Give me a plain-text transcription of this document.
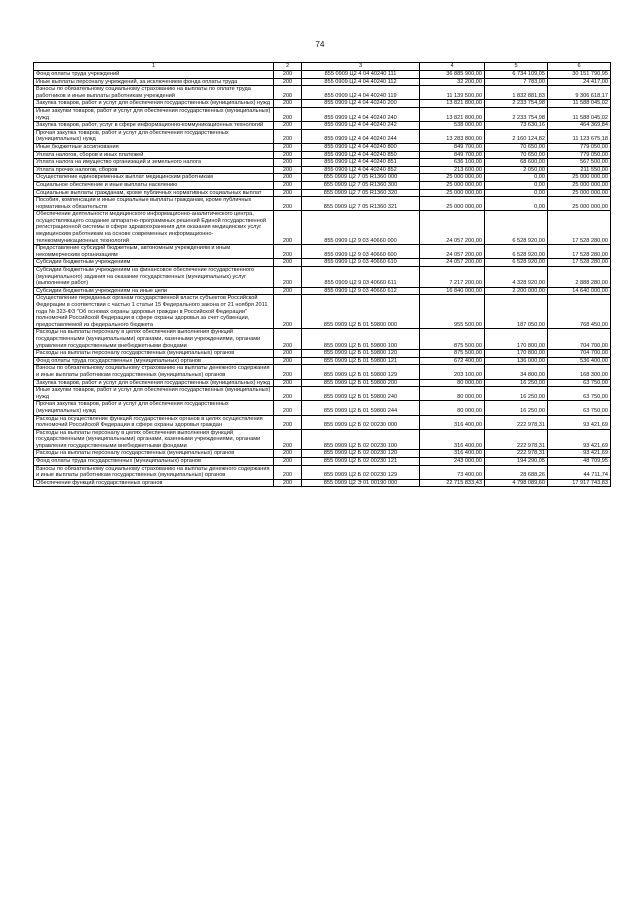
74
1	2	3	4	5	6
Фонд оплаты труда учреждений	200	855 0909 Ц2 4 04 40240 111	36 885 900,00	6 734 109,05	30 151 790,95
Иные выплаты персоналу учреждений, за исключением фонда оплаты труда	200	855 0909 Ц2 4 04 40240 112	32 200,00	7 783,00	24 417,00
Взносы по обязательному социальному страхованию на выплаты по оплате труда работников и иные выплаты работникам учреждений	200	855 0909 Ц2 4 04 40240 119	11 139 500,00	1 832 881,83	9 306 618,17
Закупка товаров, работ и услуг для обеспечения государственных (муниципальных) нужд	200	855 0909 Ц2 4 04 40240 200	13 821 800,00	2 233 754,98	11 588 045,02
Иные закупки товаров, работ и услуг для обеспечения государственных (муниципальных) нужд	200	855 0909 Ц2 4 04 40240 240	13 821 800,00	2 233 754,98	11 588 045,02
Закупка товаров, работ, услуг в сфере информационно-коммуникационных технологий	200	855 0909 Ц2 4 04 40240 242	538 000,00	73 630,16	464 369,84
Прочая закупка товаров, работ и услуг для обеспечения государственных (муниципальных) нужд	200	855 0909 Ц2 4 04 40240 244	13 283 800,00	2 160 124,82	11 123 675,18
Иные бюджетные ассигнования	200	855 0909 Ц2 4 04 40240 800	849 700,00	70 650,00	779 050,00
Уплата налогов, сборов и иных платежей	200	855 0909 Ц2 4 04 40240 850	849 700,00	70 650,00	779 050,00
Уплата налога на имущество организаций и земельного налога	200	855 0909 Ц2 4 04 40240 851	636 100,00	68 600,00	567 500,00
Уплата прочих налогов, сборов	200	855 0909 Ц2 4 04 40240 852	213 600,00	2 050,00	211 550,00
Осуществление единовременных выплат медицинским работникам	200	855 0909 Ц2 7 05 R1360 000	25 000 000,00	0,00	25 000 000,00
Социальное обеспечение и иные выплаты населению	200	855 0909 Ц2 7 05 R1360 300	25 000 000,00	0,00	25 000 000,00
Социальные выплаты гражданам, кроме публичных нормативных социальных выплат	200	855 0909 Ц2 7 05 R1360 320	25 000 000,00	0,00	25 000 000,00
Пособия, компенсации и иные социальные выплаты гражданам, кроме публичных нормативных обязательств	200	855 0909 Ц2 7 05 R1360 321	25 000 000,00	0,00	25 000 000,00
Обеспечение деятельности медицинского информационно-аналитического центра, осуществляющего создание аппаратно-программных решений Единой государственной регистрационной системы в сфере здравоохранения для оказания медицинских услуг медицинским работникам на основе современных информационно-телекоммуникационных технологий	200	855 0909 Ц2 9 03 40660 000	24 057 200,00	6 528 920,00	17 528 280,00
Предоставление субсидий бюджетным, автономным учреждениям и иным некоммерческим организациям	200	855 0909 Ц2 9 03 40660 600	24 057 200,00	6 528 920,00	17 528 280,00
Субсидии бюджетным учреждениям	200	855 0909 Ц2 9 03 40660 610	24 057 200,00	6 528 920,00	17 528 280,00
Субсидии бюджетным учреждениям на финансовое обеспечение государственного (муниципального) задания на оказание государственных (муниципальных) услуг (выполнение работ)	200	855 0909 Ц2 9 03 40660 611	7 217 200,00	4 328 920,00	2 888 280,00
Субсидии бюджетным учреждениям на иные цели	200	855 0909 Ц2 9 03 40660 612	16 840 000,00	2 200 000,00	14 640 000,00
Осуществление переданных органам государственной власти субъектов Российской Федерации в соответствии с частью 1 статьи 15 Федерального закона от 21 ноября 2011 года № 323-ФЗ "Об основах охраны здоровья граждан в Российской Федерации" полномочий Российской Федерации в сфере охраны здоровья за счет субвенции, предоставляемой из федерального бюджета	200	855 0909 Ц2 Б 01 59800 000	955 500,00	187 050,00	768 450,00
Расходы на выплаты персоналу в целях обеспечения выполнения функций государственными (муниципальными) органами, казенными учреждениями, органами управления государственными внебюджетными фондами	200	855 0909 Ц2 Б 01 59800 100	875 500,00	170 800,00	704 700,00
Расходы на выплаты персоналу государственных (муниципальных) органов	200	855 0909 Ц2 Б 01 59800 120	875 500,00	170 800,00	704 700,00
Фонд оплаты труда государственных (муниципальных) органов	200	855 0909 Ц2 Б 01 59800 121	672 400,00	136 000,00	536 400,00
Взносы по обязательному социальному страхованию на выплаты денежного содержания и иные выплаты работникам государственных (муниципальных) органов	200	855 0909 Ц2 Б 01 59800 129	203 100,00	34 800,00	168 300,00
Закупка товаров, работ и услуг для обеспечения государственных (муниципальных) нужд	200	855 0909 Ц2 Б 01 59800 200	80 000,00	16 250,00	63 750,00
Иные закупки товаров, работ и услуг для обеспечения государственных (муниципальных) нужд	200	855 0909 Ц2 Б 01 59800 240	80 000,00	16 250,00	63 750,00
Прочая закупка товаров, работ и услуг для обеспечения государственных (муниципальных) нужд	200	855 0909 Ц2 Б 01 59800 244	80 000,00	16 250,00	63 750,00
Расходы на осуществление функций государственных органов в целях осуществления полномочий Российской Федерации в сфере охраны здоровья граждан	200	855 0909 Ц2 Б 02 00230 000	316 400,00	222 978,31	93 421,69
Расходы на выплаты персоналу в целях обеспечения выполнения функций государственными (муниципальными) органами, казенными учреждениями, органами управления государственными внебюджетными фондами	200	855 0909 Ц2 Б 02 00230 100	316 400,00	222 978,31	93 421,69
Расходы на выплаты персоналу государственных (муниципальных) органов	200	855 0909 Ц2 Б 02 00230 120	316 400,00	222 978,31	93 421,69
Фонд оплаты труда государственных (муниципальных) органов	200	855 0909 Ц2 Б 02 00230 121	243 000,00	194 290,05	48 709,95
Взносы по обязательному социальному страхованию на выплаты денежного содержания и иные выплаты работникам государственных (муниципальных) органов	200	855 0909 Ц2 Б 02 00230 129	73 400,00	28 688,26	44 711,74
Обеспечение функций государственных органов	200	855 0909 Ц2 Э 01 00190 000	22 715 833,43	4 798 089,60	17 917 743,83
